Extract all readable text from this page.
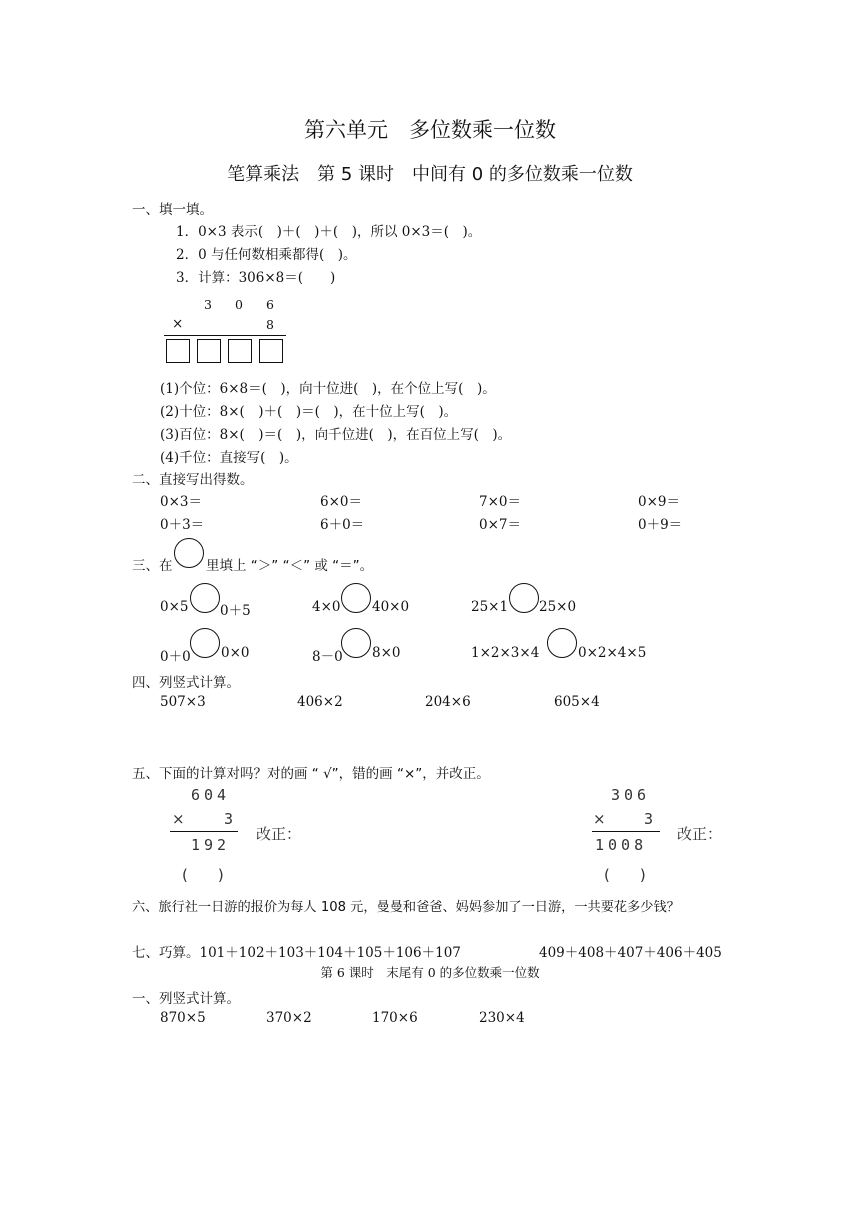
第六单元　多位数乘一位数
笔算乘法　第 5 课时　中间有 0 的多位数乘一位数
一、填一填。
1．0×3 表示(　)＋(　)＋(　)，所以 0×3＝(　)。
2．0 与任何数相乘都得(　)。
3．计算：306×8＝(　　)
3 0 6
×	8
(1)个位：6×8＝(　)，向十位进(　)，在个位上写(　)。
(2)十位：8×(　)＋(　)＝(　)，在十位上写(　)。
(3)百位：8×(　)＝(　)，向千位进(　)，在百位上写(　)。
(4)千位：直接写(　)。
二、直接写出得数。
0×3＝	6×0＝	7×0＝	0×9＝
0＋3＝	6＋0＝	0×7＝	0＋9＝
三、在 里填上 “＞” “＜” 或 “＝”。
0×5 0＋5	4×0 40×0	25×1 25×0
0＋0 0×0	8－0 8×0	1×2×3×4	0×2×4×5
四、列竖式计算。
507×3	406×2	204×6	605×4
五、下面的计算对吗？对的画 “ √”，错的画 “×”，并改正。
604
×	3
192
改正：
(　　)
306
×	3
1008
改正：
(　　)
六、旅行社一日游的报价为每人 108 元，曼曼和爸爸、妈妈参加了一日游，一共要花多少钱？
七、巧算。101＋102＋103＋104＋105＋106＋107	409＋408＋407＋406＋405
第 6 课时　末尾有 0 的多位数乘一位数
一、列竖式计算。
870×5	370×2	170×6	230×4
